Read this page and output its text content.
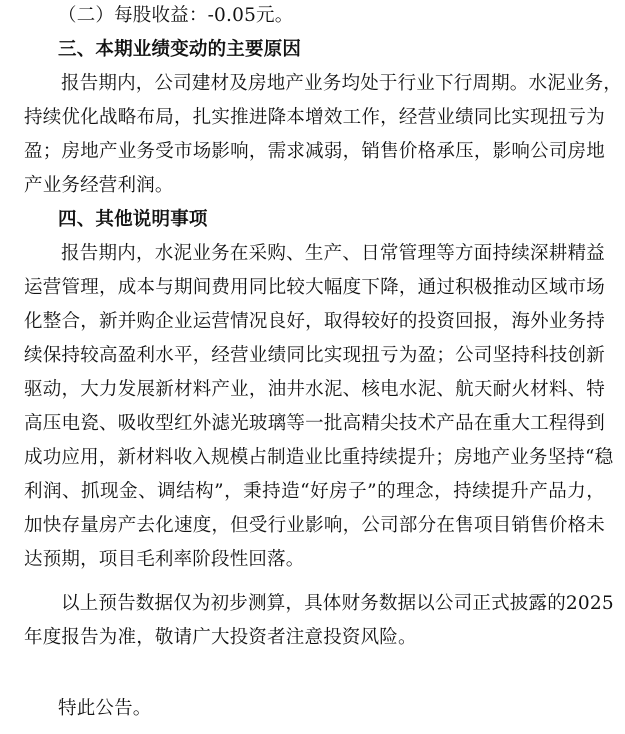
（二）每股收益：-0.05元。
三、本期业绩变动的主要原因
报告期内，公司建材及房地产业务均处于行业下行周期。水泥业务，
持续优化战略布局，扎实推进降本增效工作，经营业绩同比实现扭亏为
盈；房地产业务受市场影响，需求减弱，销售价格承压，影响公司房地
产业务经营利润。
四、其他说明事项
报告期内，水泥业务在采购、生产、日常管理等方面持续深耕精益
运营管理，成本与期间费用同比较大幅度下降，通过积极推动区域市场
化整合，新并购企业运营情况良好，取得较好的投资回报，海外业务持
续保持较高盈利水平，经营业绩同比实现扭亏为盈；公司坚持科技创新
驱动，大力发展新材料产业，油井水泥、核电水泥、航天耐火材料、特
高压电瓷、吸收型红外滤光玻璃等一批高精尖技术产品在重大工程得到
成功应用，新材料收入规模占制造业比重持续提升；房地产业务坚持“稳
利润、抓现金、调结构”，秉持造“好房子”的理念，持续提升产品力，
加快存量房产去化速度，但受行业影响，公司部分在售项目销售价格未
达预期，项目毛利率阶段性回落。
以上预告数据仅为初步测算，具体财务数据以公司正式披露的2025
年度报告为准，敬请广大投资者注意投资风险。
特此公告。
